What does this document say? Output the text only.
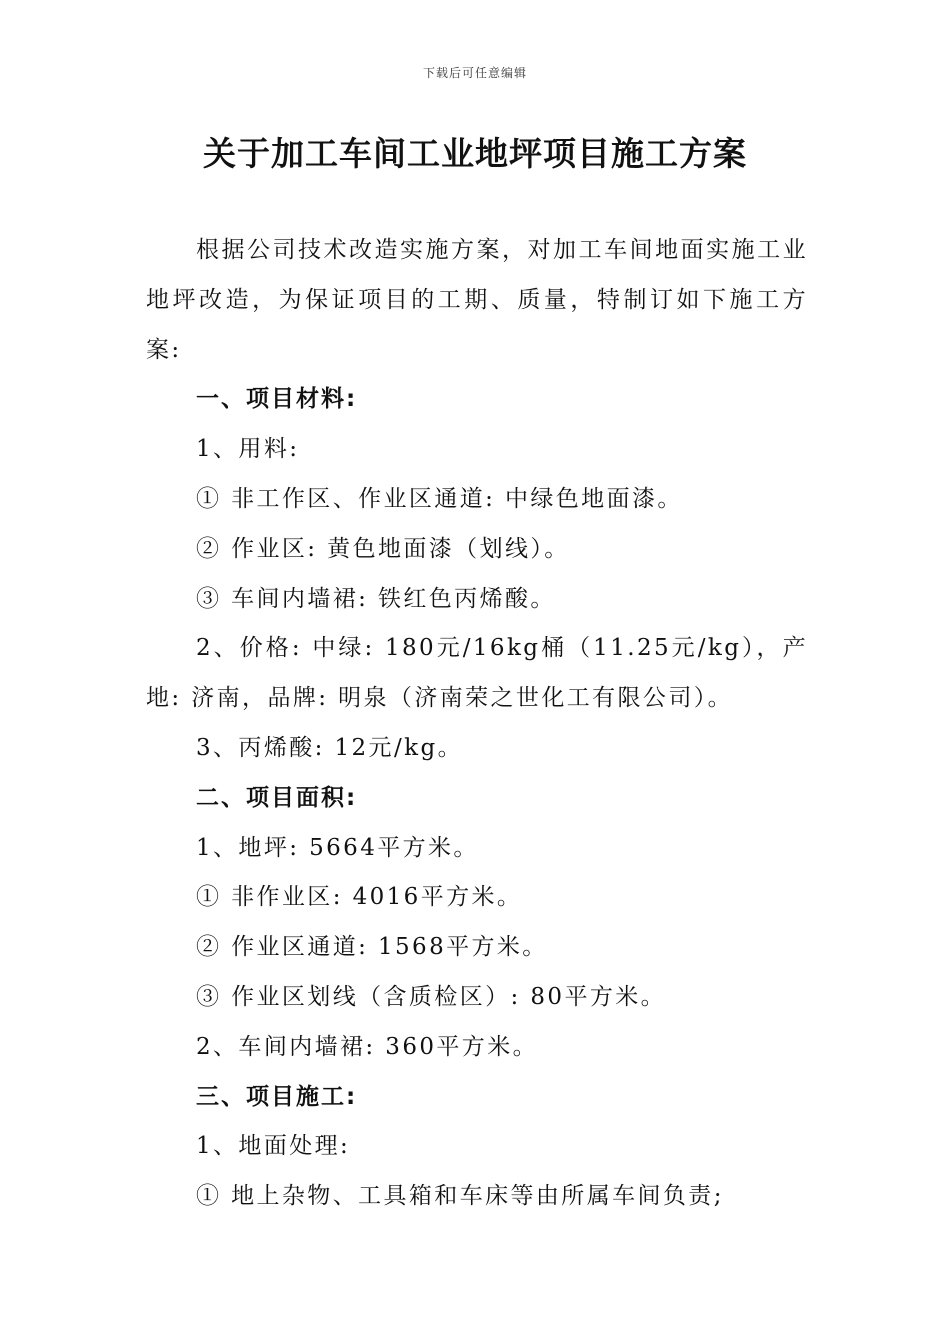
下载后可任意编辑
关于加工车间工业地坪项目施工方案

根据公司技术改造实施方案，对加工车间地面实施工业地坪改造，为保证项目的工期、质量，特制订如下施工方案:

一、项目材料:
1、用料:
① 非工作区、作业区通道: 中绿色地面漆。
② 作业区: 黄色地面漆（划线）。
③ 车间内墙裙: 铁红色丙烯酸。

2、价格: 中绿: 180元/16kg桶（11.25元/kg），产地: 济南，品牌: 明泉（济南荣之世化工有限公司）。

3、丙烯酸: 12元/kg。
二、项目面积:
1、地坪: 5664平方米。
① 非作业区: 4016平方米。
② 作业区通道: 1568平方米。
③ 作业区划线（含质检区）: 80平方米。
2、车间内墙裙: 360平方米。
三、项目施工:
1、地面处理:
① 地上杂物、工具箱和车床等由所属车间负责;
